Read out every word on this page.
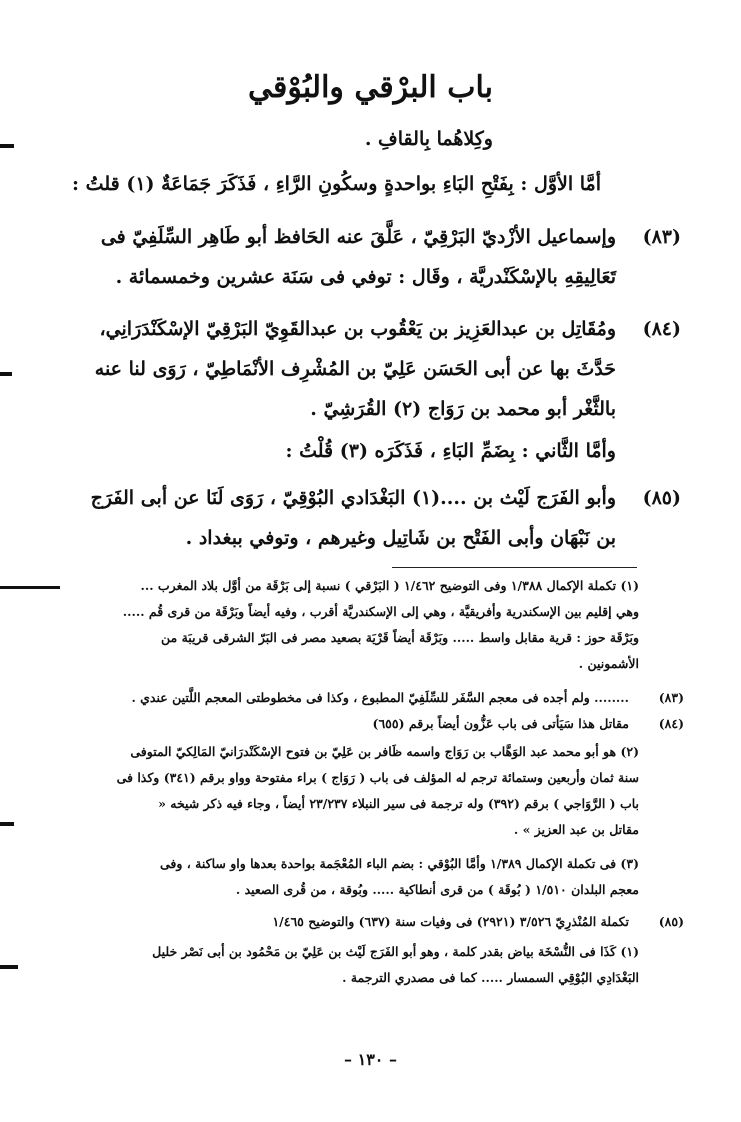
باب البرْقي والبُوْقي
وكِلاهُما بِالقافِ .
أمَّا الأوَّل : بِفَتْحِ البَاءِ بواحدةٍ وسكُونِ الرَّاءِ ، فَذَكَرَ جَمَاعَةٌ (١) قلتُ :
(٨٣)
وإسماعيل الأزْديّ البَرْقِيّ ، عَلَّقَ عنه الحَافظ أبو طَاهِر السِّلَفِيّ فى
تَعَالِيقِهِ بالإسْكَنْدريَّة ، وقَال : توفي فى سَنَة عشرين وخمسمائة .
(٨٤)
ومُقَاتِل بن عبدالعَزِيز بن يَعْقُوب بن عبدالقَوِيّ البَرْقِيّ الإسْكَنْدَرَانِي،
حَدَّثَ بها عن أبى الحَسَن عَلِيّ بن المُشْرِف الأنْمَاطِيّ ، رَوَى لنا عنه
بالثَّغْر أبو محمد بن رَوَاج (٢) القُرَشِيّ .
وأمَّا الثَّاني : بِضَمِّ البَاءِ ، فَذَكَرَه (٣) قُلْتُ :
(٨٥)
وأبو الفَرَج لَيْث بن ....(١) البَغْدَادي البُوْقِيّ ، رَوَى لَنَا عن أبى الفَرَج
بن نَبْهَان وأبى الفَتْح بن شَاتِيل وغيرهم ، وتوفي ببغداد .
(١) تكملة الإكمال ١/٣٨٨ وفى التوضيح ١/٤٦٢ ( البَرْقي ) نسبة إلى بَرْقَة من أوَّل بلاد المغرب ...
وهي إقليم بين الإسكندرية وأفريقيَّة ، وهي إلى الإسكندريَّة أقرب ، وفيه أيضاً وبَرْقَة من قرى قُم .....
وبَرْقَة حوز : قرية مقابل واسط ..... وبَرْقَة أيضاً قَرْيَة بصعيد مصر فى البَرّ الشرقى قريبَة من
الأشمونين .
(٨٣)
........ ولم أجده فى معجم السَّفَر للسِّلَفِيّ المطبوع ، وكذا فى مخطوطتى المعجم اللَّتين عندي .
(٨٤)
مقاتل هذا سَيَأتى فى باب عَزُّون أيضاً برقم (٦٥٥)
(٢) هو أبو محمد عبد الوَهَّاب بن رَوَاج واسمه ظَافر بن عَلِيّ بن فتوح الإسْكَنْدرَانيّ المَالِكيّ المتوفى
سنة ثمان وأربعين وستمائة ترجم له المؤلف فى باب ( رَوَاج ) براء مفتوحة وواو برقم (٣٤١) وكذا فى
باب ( الرَّوَاجي ) برقم (٣٩٢) وله ترجمة فى سير النبلاء ٢٣/٢٣٧ أيضاً ، وجاء فيه ذكر شيخه «
مقاتل بن عبد العزيز » .
(٣) فى تكملة الإكمال ١/٣٨٩ وأمَّا البُوْقي : بضم الباء المُعْجَمة بواحدة بعدها واو ساكنة ، وفى
معجم البلدان ١/٥١٠ ( بُوقَة ) من قرى أنطاكية ..... وبُوقة ، من قُرى الصعيد .
(٨٥)
تكملة المُنْذرِيّ ٣/٥٢٦ (٢٩٢١) فى وفيات سنة (٦٣٧) والتوضيح ١/٤٦٥
(١) كَذَا فى النُّسْخَة بياض بقدر كلمة ، وهو أبو الفَرَج لَيْث بن عَلِيّ بن مَحْمُود بن أبى نَصْر خليل
البَغْدَادِي البُوْقِي السمسار ..... كما فى مصدري الترجمة .
– ١٣٠ –
